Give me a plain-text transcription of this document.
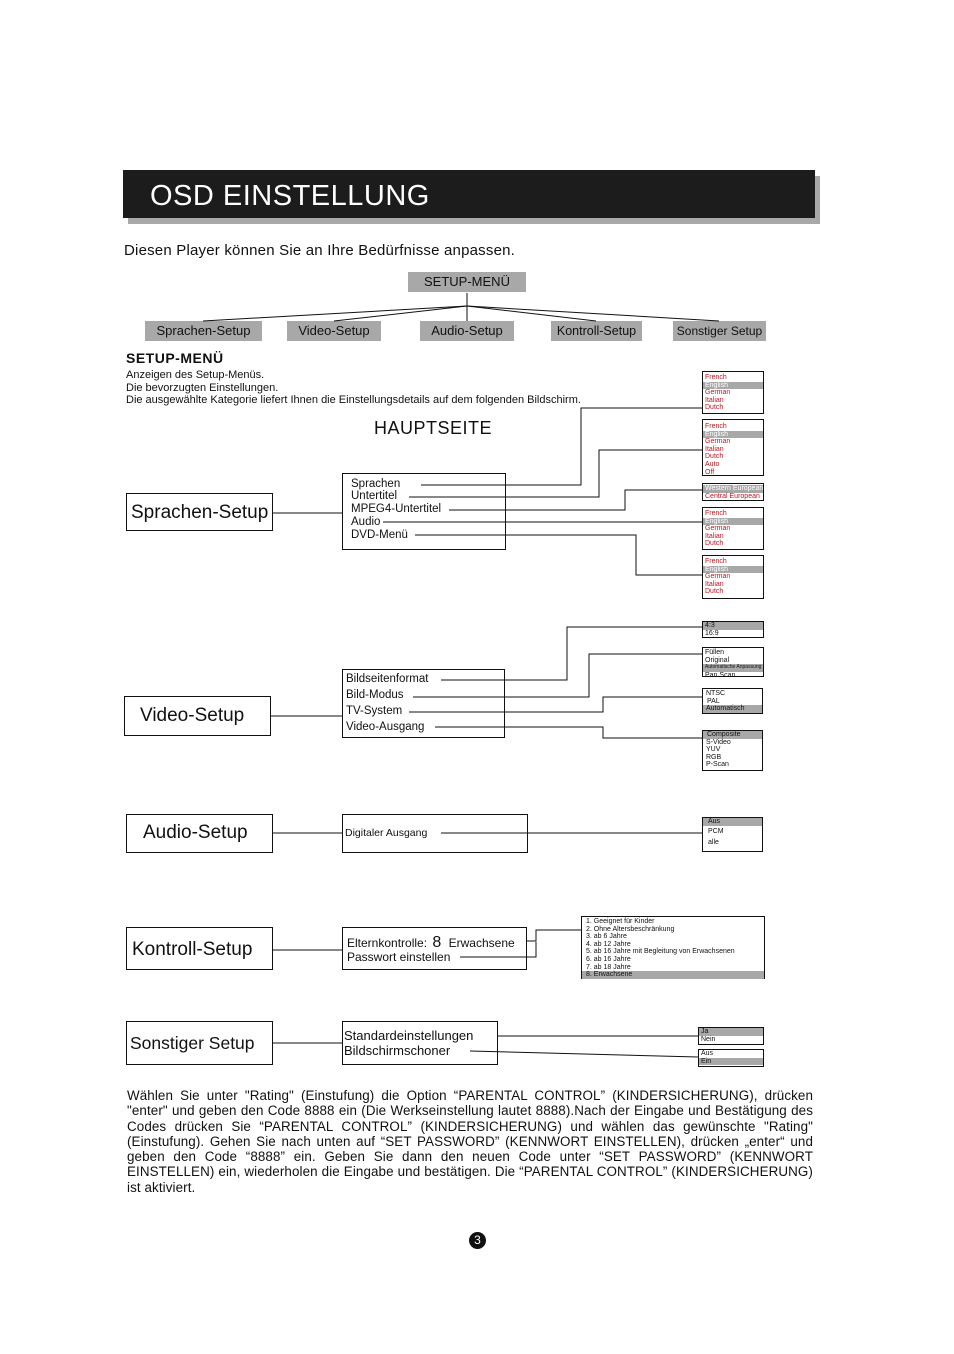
OSD EINSTELLUNG
Diesen Player können Sie an Ihre Bedürfnisse anpassen.
SETUP-MENÜ
Sprachen-Setup	Video-Setup	Audio-Setup	Kontroll-Setup	Sonstiger Setup
SETUP-MENÜ
Anzeigen des Setup-Menüs.
Die bevorzugten Einstellungen.
Die ausgewählte Kategorie liefert Ihnen die Einstellungsdetails auf dem folgenden Bildschirm.
HAUPTSEITE
Sprachen-Setup
Sprachen
Untertitel
MPEG4-Untertitel
Audio
DVD-Menü
French
English
German
Italian
Dutch
French
English
German
Italian
Dutch
Auto
Off
Western European
Central European
French
English
German
Italian
Dutch
French
English
German
Italian
Dutch
Video-Setup
Bildseitenformat
Bild-Modus
TV-System
Video-Ausgang
4:3
16:9
Füllen
Original
Automatische Anpassung
Pan Scan
NTSC
PAL
Automatisch
Composite
S-Video
YUV
RGB
P-Scan
Audio-Setup	Digitaler Ausgang
Aus
PCM
alle
Kontroll-Setup	Elternkontrolle: 8 Erwachsene
Passwort einstellen
1. Geeignet für Kinder
2. Ohne Altersbeschränkung
3. ab 6 Jahre
4. ab 12 Jahre
5. ab 16 Jahre mit Begleitung von Erwachsenen
6. ab 16 Jahre
7. ab 18 Jahre
8. Erwachsene
Sonstiger Setup	Standardeinstellungen
Bildschirmschoner
Ja
Nein
Aus
Ein
Wählen Sie unter "Rating" (Einstufung) die Option “PARENTAL CONTROL” (KINDERSICHERUNG), drücken "enter" und geben den Code 8888 ein (Die Werkseinstellung lautet 8888).Nach der Eingabe und Bestätigung des Codes drücken Sie “PARENTAL CONTROL” (KINDERSICHERUNG) und wählen das gewünschte "Rating" (Einstufung). Gehen Sie nach unten auf “SET PASSWORD” (KENNWORT EINSTELLEN), drücken „enter“ und geben den Code “8888” ein. Geben Sie dann den neuen Code unter “SET PASSWORD” (KENNWORT EINSTELLEN) ein, wiederholen die Eingabe und bestätigen. Die “PARENTAL CONTROL” (KINDERSICHERUNG) ist aktiviert.
3
